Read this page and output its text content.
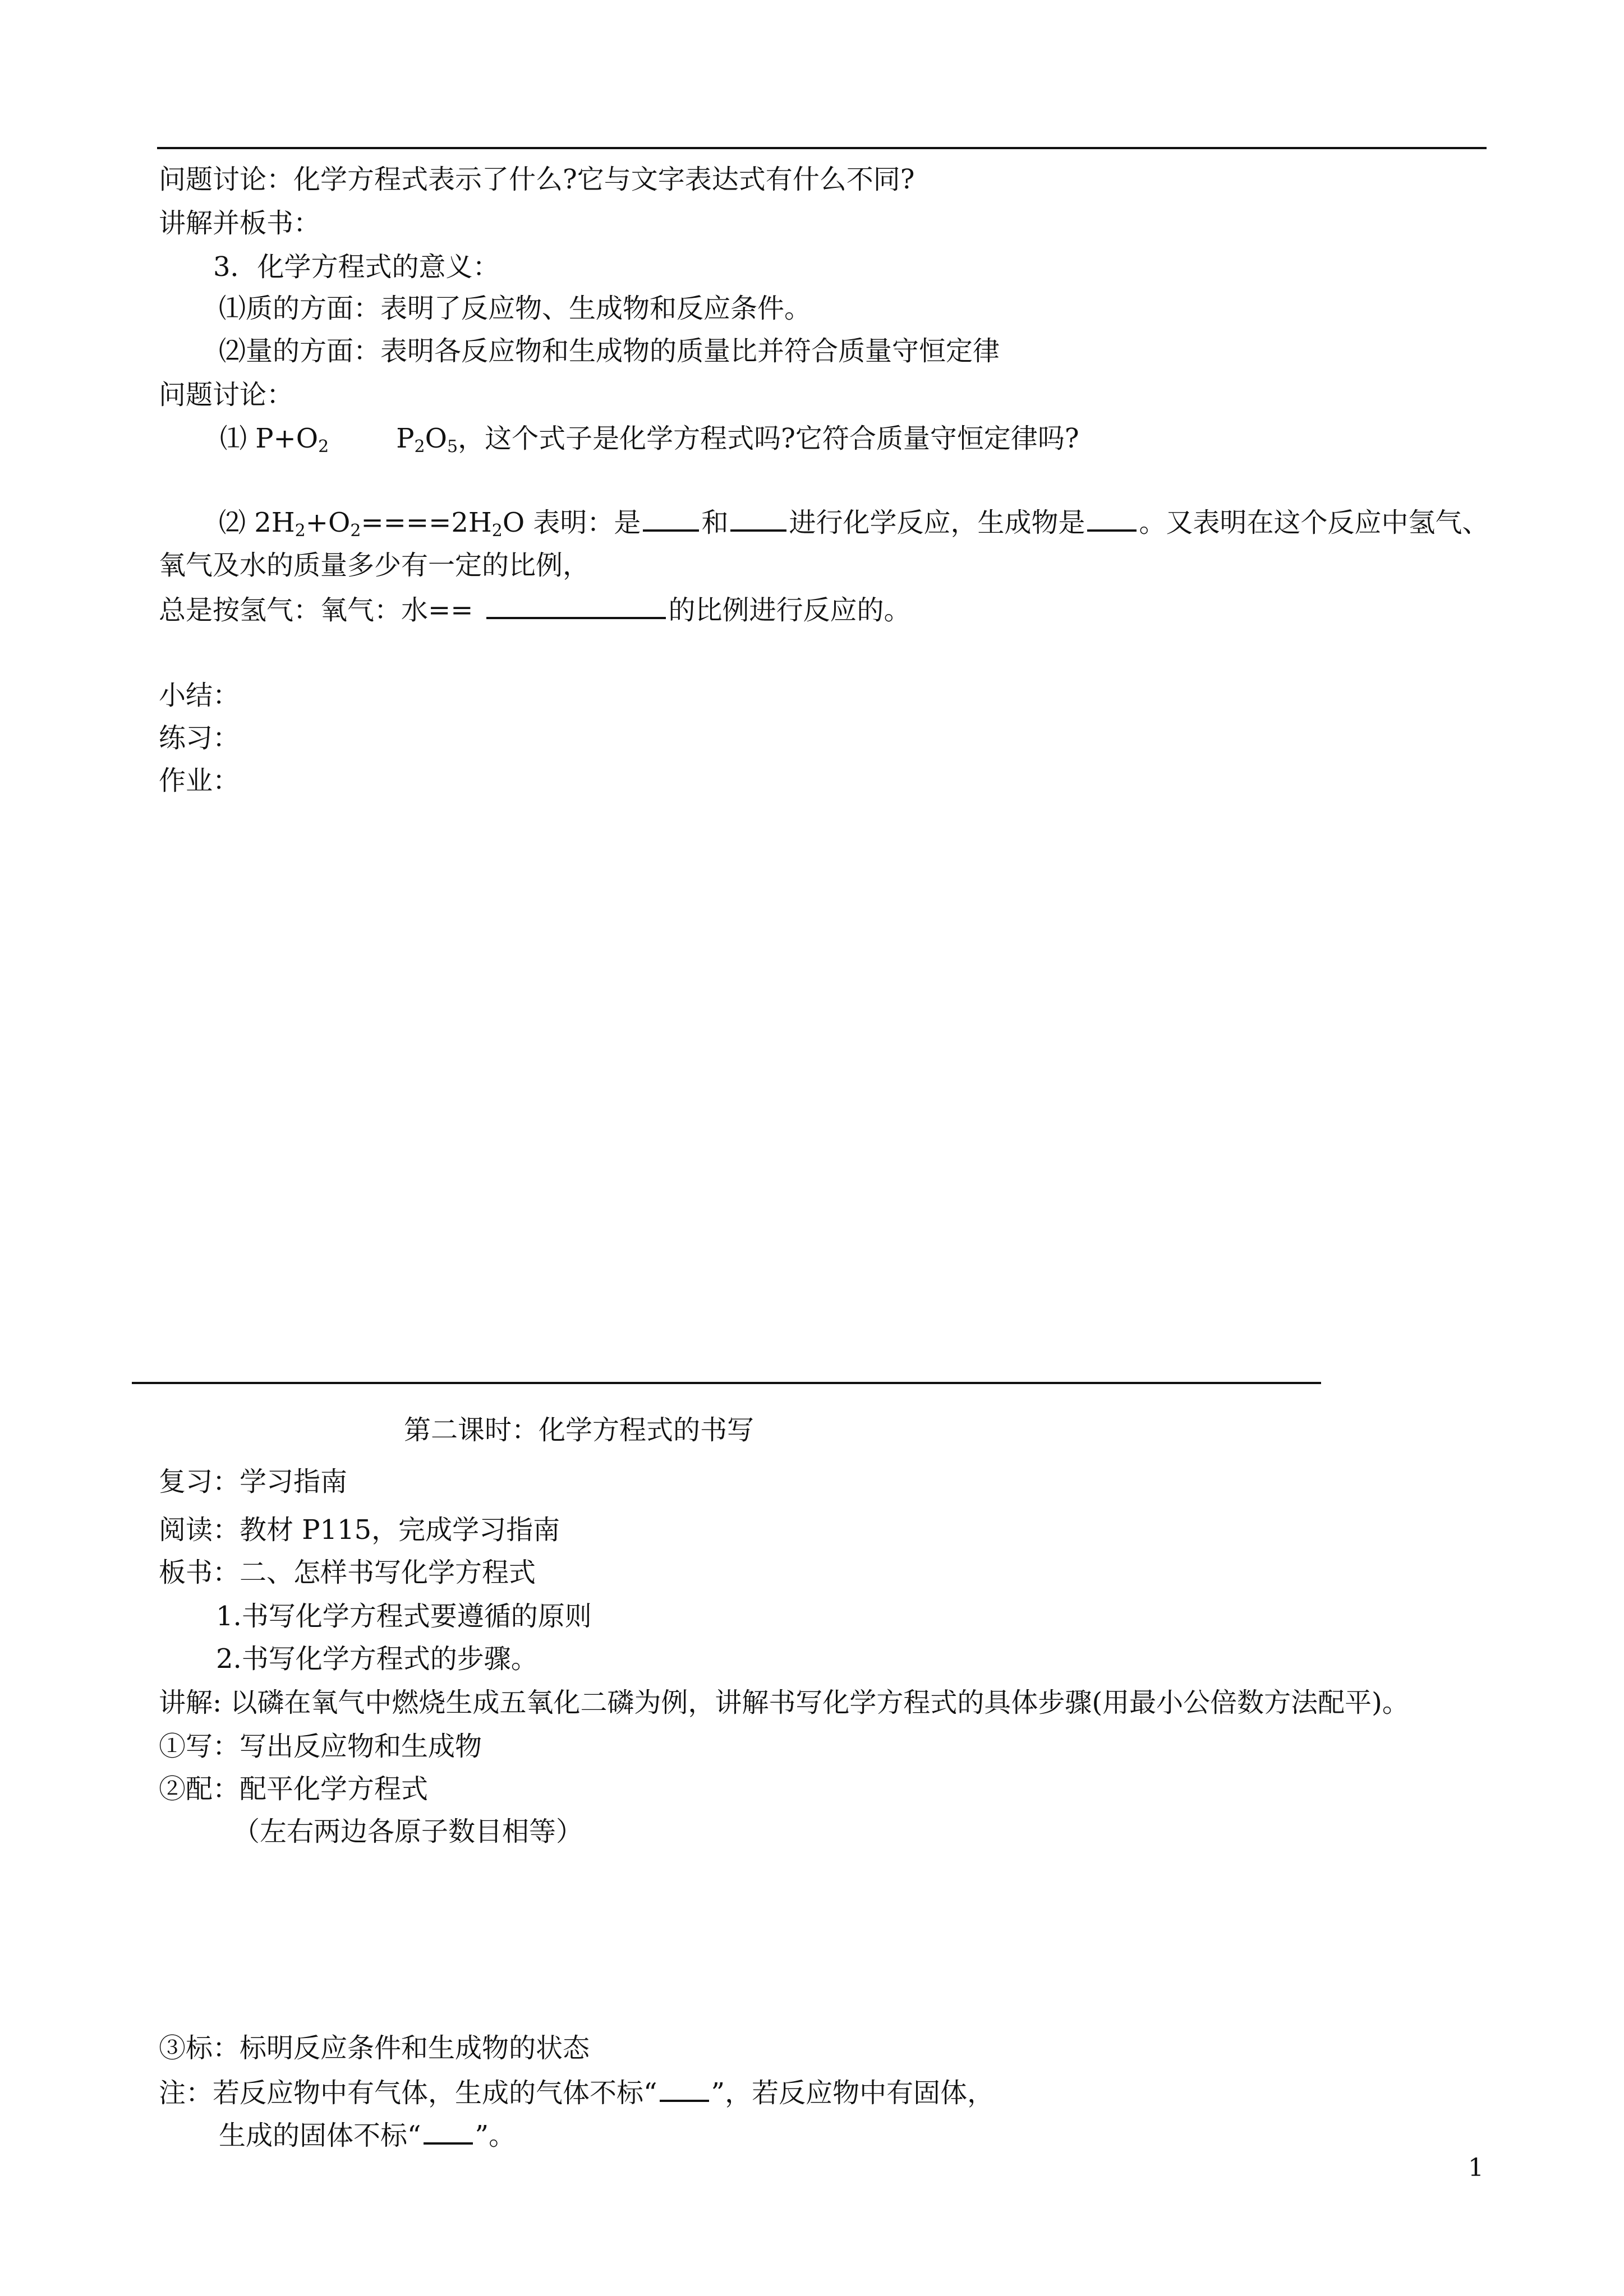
问题讨论：化学方程式表示了什么?它与文字表达式有什么不同?
讲解并板书：
3．化学方程式的意义：
⑴质的方面：表明了反应物、生成物和反应条件。
⑵量的方面：表明各反应物和生成物的质量比并符合质量守恒定律
问题讨论：
⑴ $P+O_2$	$P_2O_5$，这个式子是化学方程式吗?它符合质量守恒定律吗?
⑵ $2H_2+O_2====2H_2O$ 表明：是 和 进行化学反应，生成物是 。又表明在这个反应中氢气、
氧气及水的质量多少有一定的比例，
总是按氢气：氧气：水==	的比例进行反应的。
小结：
练习：
作业：
第二课时：化学方程式的书写
复习：学习指南
阅读：教材 P115，完成学习指南
板书：二、怎样书写化学方程式
1.书写化学方程式要遵循的原则
2.书写化学方程式的步骤。
讲解: 以磷在氧气中燃烧生成五氧化二磷为例，讲解书写化学方程式的具体步骤(用最小公倍数方法配平)。
①写：写出反应物和生成物
②配：配平化学方程式
（左右两边各原子数目相等）
③标：标明反应条件和生成物的状态
注：若反应物中有气体，生成的气体不标“ ”，若反应物中有固体，
生成的固体不标“ ”。
1
